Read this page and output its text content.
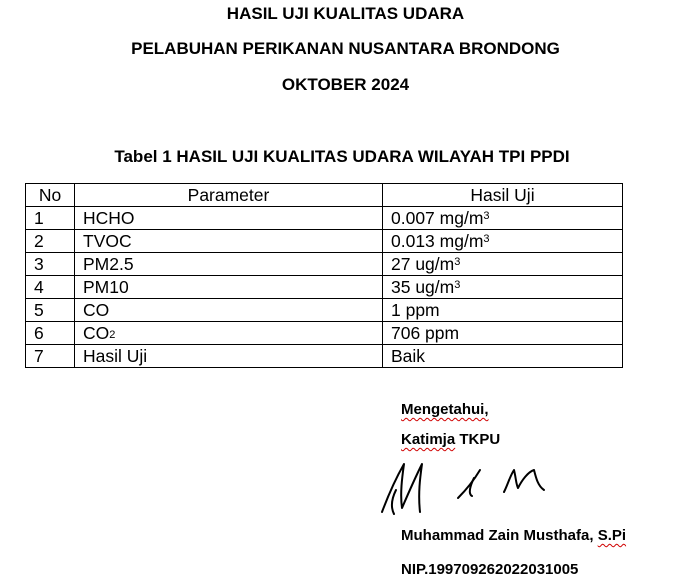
HASIL UJI KUALITAS UDARA
PELABUHAN PERIKANAN NUSANTARA BRONDONG
OKTOBER 2024
Tabel 1 HASIL UJI KUALITAS UDARA WILAYAH TPI PPDI
No	Parameter	Hasil Uji
1	HCHO	0.007 $mg/m^3$
2	TVOC	0.013 $mg/m^3$
3	PM2.5	27 $ug/m^3$
4	PM10	35 $ug/m^3$
5	CO	1 ppm
6	$CO_2$	706 ppm
7	Hasil Uji	Baik
Mengetahui,
Katimja TKPU
Muhammad Zain Musthafa, S.Pi
NIP.199709262022031005
